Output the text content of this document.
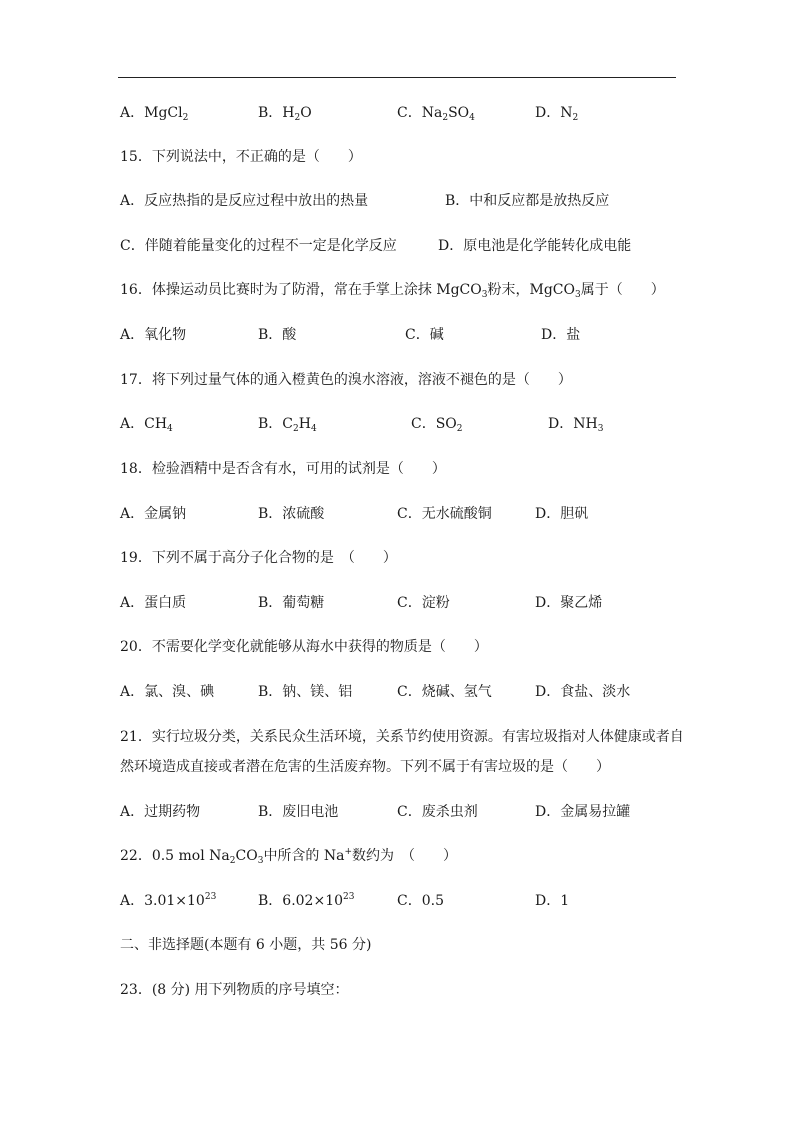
A．MgCl$_2$	B．$H_2O$	C．$Na_2SO_4$	D．$N_2$
15．下列说法中，不正确的是（　　）
A．反应热指的是反应过程中放出的热量	B．中和反应都是放热反应
C．伴随着能量变化的过程不一定是化学反应	D．原电池是化学能转化成电能
16．体操运动员比赛时为了防滑，常在手掌上涂抹 MgCO$_3$粉末，MgCO$_3$属于（　　）
A．氧化物	B．酸	C．碱	D．盐
17．将下列过量气体的通入橙黄色的溴水溶液，溶液不褪色的是（　　）
A．$CH_4$	B．$C_2H_4$	C．$SO_2$	D．$NH_3$
18．检验酒精中是否含有水，可用的试剂是（　　）
A．金属钠	B．浓硫酸	C．无水硫酸铜	D．胆矾
19．下列不属于高分子化合物的是　（　　）
A．蛋白质	B．葡萄糖	C．淀粉	D．聚乙烯
20．不需要化学变化就能够从海水中获得的物质是（　　）
A．氯、溴、碘	B．钠、镁、铝	C．烧碱、氢气	D．食盐、淡水
21．实行垃圾分类，关系民众生活环境，关系节约使用资源。有害垃圾指对人体健康或者自
然环境造成直接或者潜在危害的生活废弃物。下列不属于有害垃圾的是（　　）
A．过期药物	B．废旧电池	C．废杀虫剂	D．金属易拉罐
22．0.5 mol $Na_2CO_3$中所含的 Na+数约为　（　　）
A．$3.01\times 10^{23}$	B．$6.02\times 10^{23}$	C．0.5	D．1
二、非选择题(本题有 6 小题，共 56 分)
23．(8 分) 用下列物质的序号填空：
